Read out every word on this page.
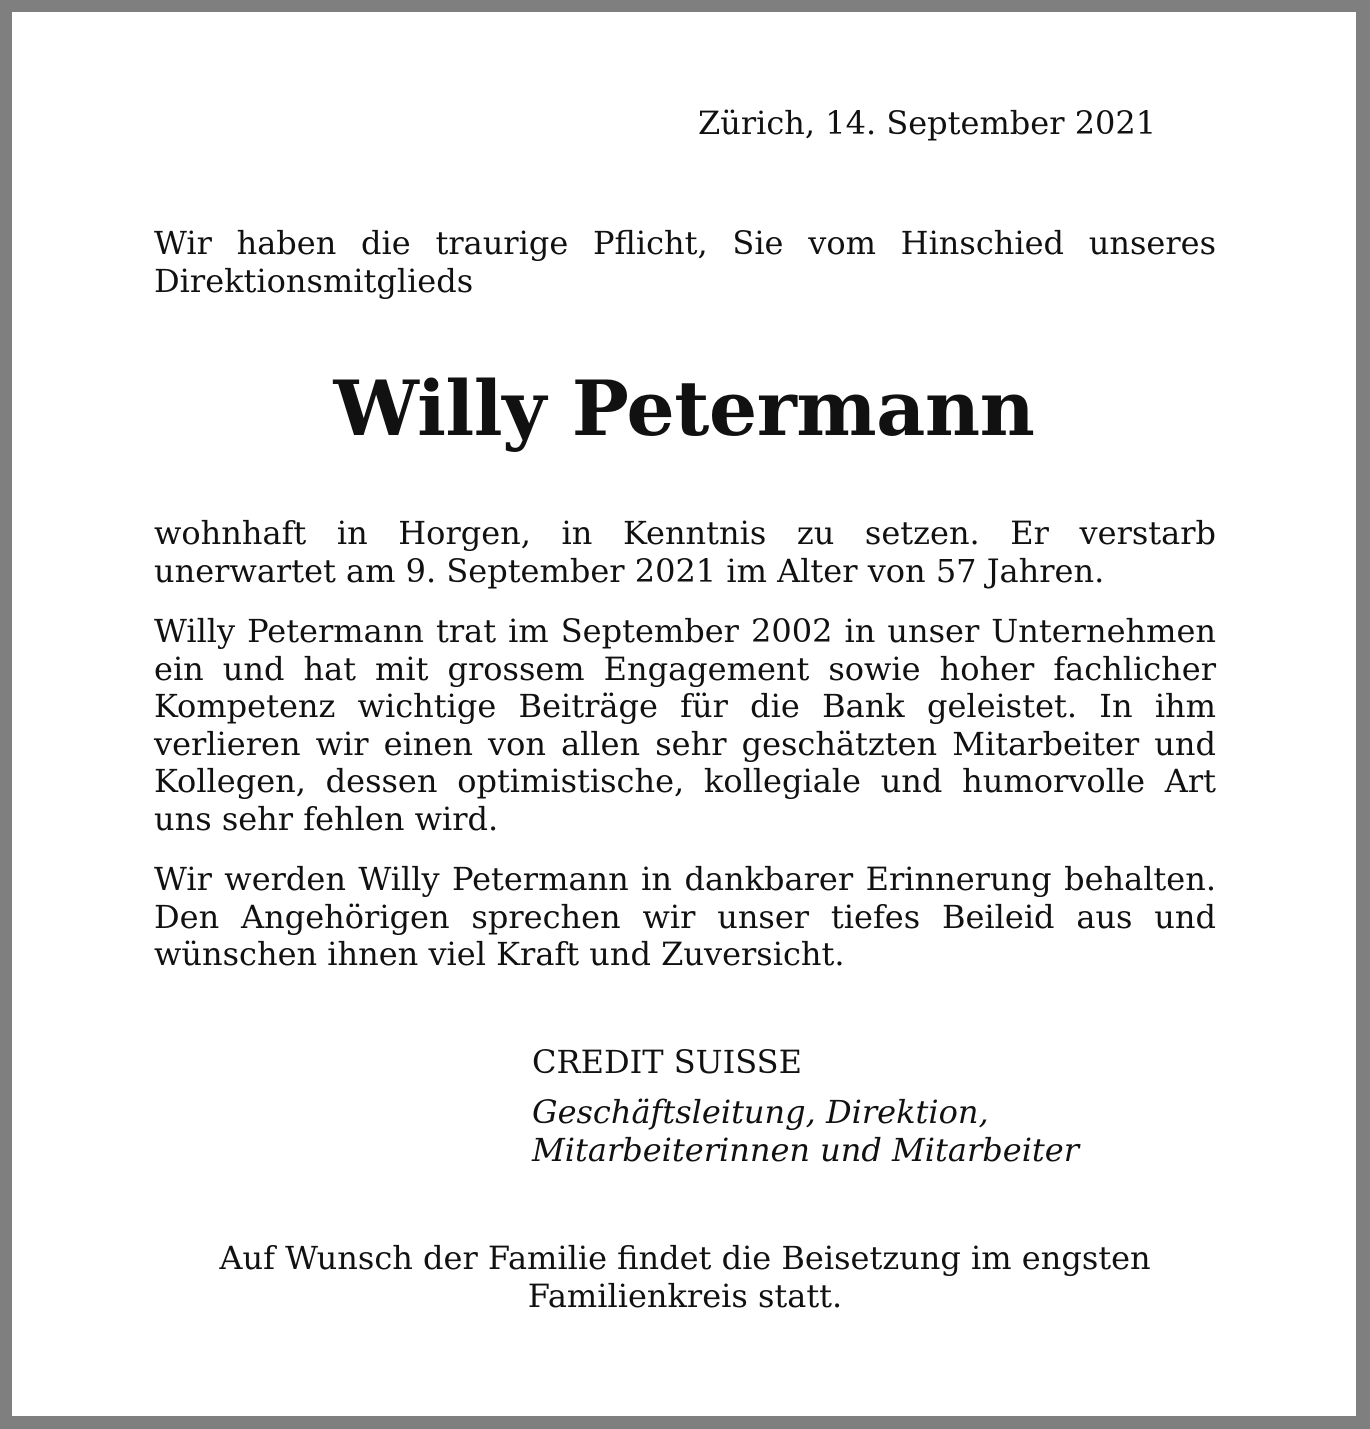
Zürich, 14. September 2021

Wir haben die traurige Pflicht, Sie vom Hinschied unseres
Direktionsmitglieds

Willy Petermann

wohnhaft in Horgen, in Kenntnis zu setzen. Er verstarb unerwartet am 9. September 2021 im Alter von 57 Jahren.

Willy Petermann trat im September 2002 in unser Unternehmen ein und hat mit grossem Engagement sowie hoher fachlicher Kompetenz wichtige Beiträge für die Bank geleistet. In ihm verlieren wir einen von allen sehr geschätzten Mitarbeiter und Kollegen, dessen optimistische, kollegiale und humorvolle Art uns sehr fehlen wird.

Wir werden Willy Petermann in dankbarer Erinnerung behalten. Den Angehörigen sprechen wir unser tiefes Beileid aus und wünschen ihnen viel Kraft und Zuversicht.

CREDIT SUISSE
Geschäftsleitung, Direktion,
Mitarbeiterinnen und Mitarbeiter
Auf Wunsch der Familie findet die Beisetzung im engsten
Familienkreis statt.
